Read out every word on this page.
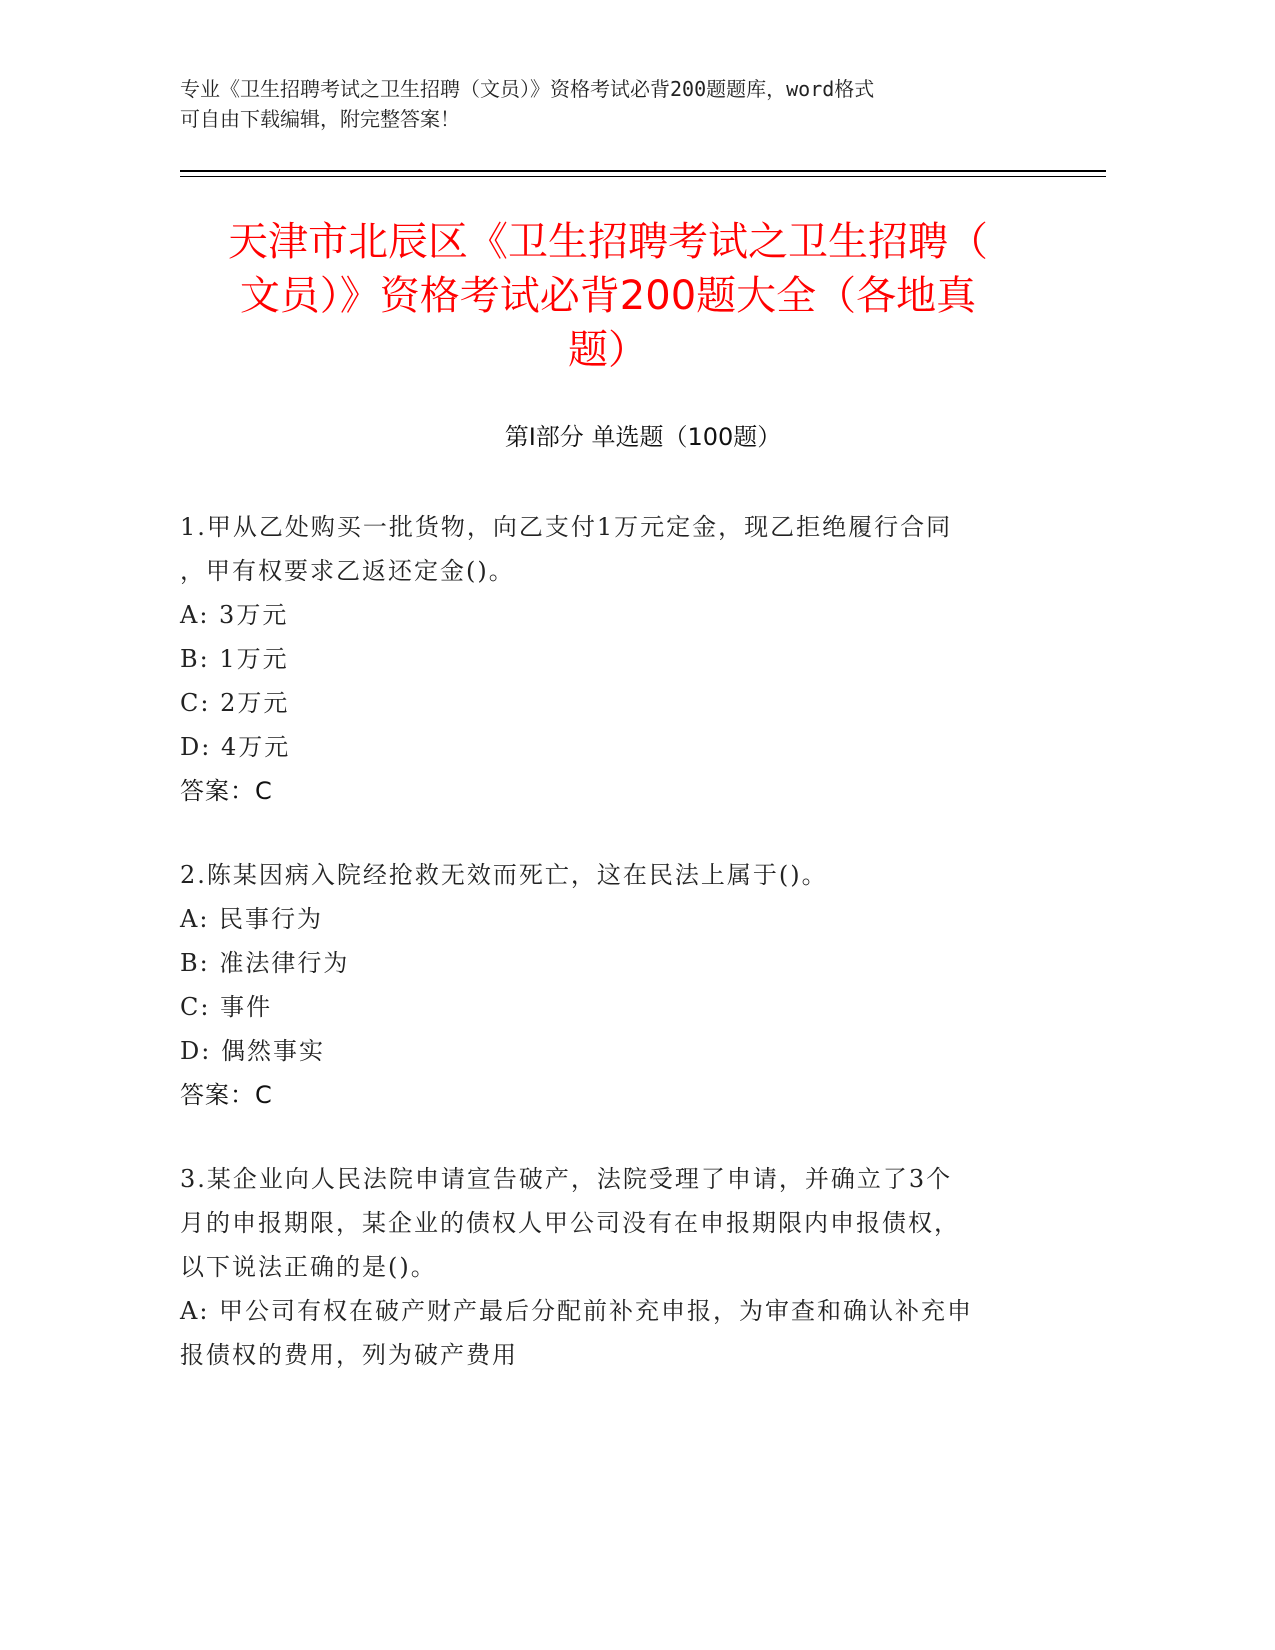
专业《卫生招聘考试之卫生招聘（文员）》资格考试必背200题题库，word格式
可自由下载编辑，附完整答案！
天津市北辰区《卫生招聘考试之卫生招聘（
文员）》资格考试必背200题大全（各地真
题）
第Ⅰ部分 单选题（100题）
1.甲从乙处购买一批货物，向乙支付1万元定金，现乙拒绝履行合同
，甲有权要求乙返还定金()。
A: 3万元
B: 1万元
C: 2万元
D: 4万元
答案：C
2.陈某因病入院经抢救无效而死亡，这在民法上属于()。
A: 民事行为
B: 准法律行为
C: 事件
D: 偶然事实
答案：C
3.某企业向人民法院申请宣告破产，法院受理了申请，并确立了3个
月的申报期限，某企业的债权人甲公司没有在申报期限内申报债权，
以下说法正确的是()。
A: 甲公司有权在破产财产最后分配前补充申报，为审查和确认补充申
报债权的费用，列为破产费用
